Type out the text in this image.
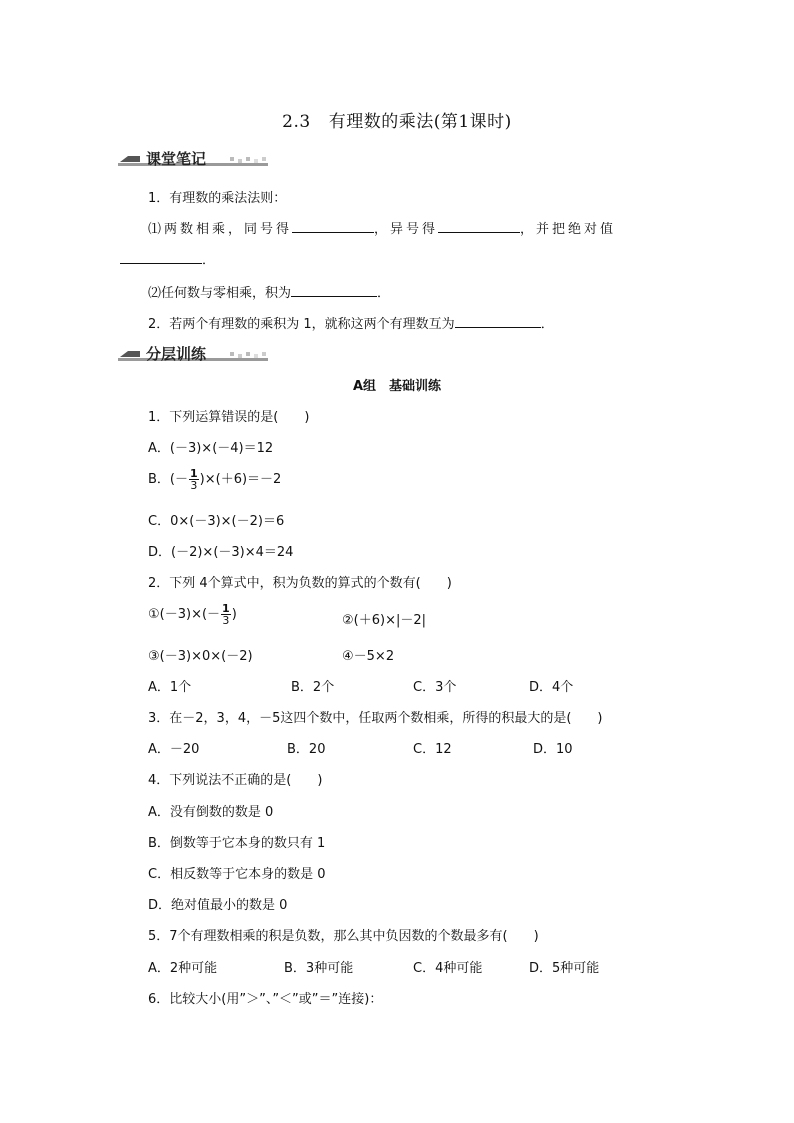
2.3 有理数的乘法(第1课时)
课堂笔记
1．有理数的乘法法则：
⑴两数相乘，同号得	，异号得	，并把绝对值
．
⑵任何数与零相乘，积为	．
2．若两个有理数的乘积为 1，就称这两个有理数互为	．
分层训练
A组　基础训练
1．下列运算错误的是(　　)
A．(－3)×(－4)＝12
B．(－ $\frac{1}{3} )\times(+6)=-2$
C．0×(－3)×(－2)＝6
D．(－2)×(－3)×4＝24
2．下列 4个算式中，积为负数的算式的个数有(　　)
①(－3)×(－ $\frac{1}{3}$ )	②(＋6)×|－2|
③(－3)×0×(－2)	④－5×2
A．1个	B．2个	C．3个	D．4个
3．在－2，3，4，－5这四个数中，任取两个数相乘，所得的积最大的是(　　)
A．－20	B．20	C．12	D．10
4．下列说法不正确的是(　　)
A．没有倒数的数是 0
B．倒数等于它本身的数只有 1
C．相反数等于它本身的数是 0
D．绝对值最小的数是 0
5．7个有理数相乘的积是负数，那么其中负因数的个数最多有(　　)
A．2种可能	B．3种可能	C．4种可能	D．5种可能
6．比较大小(用”＞”、”＜”或”＝”连接)：
